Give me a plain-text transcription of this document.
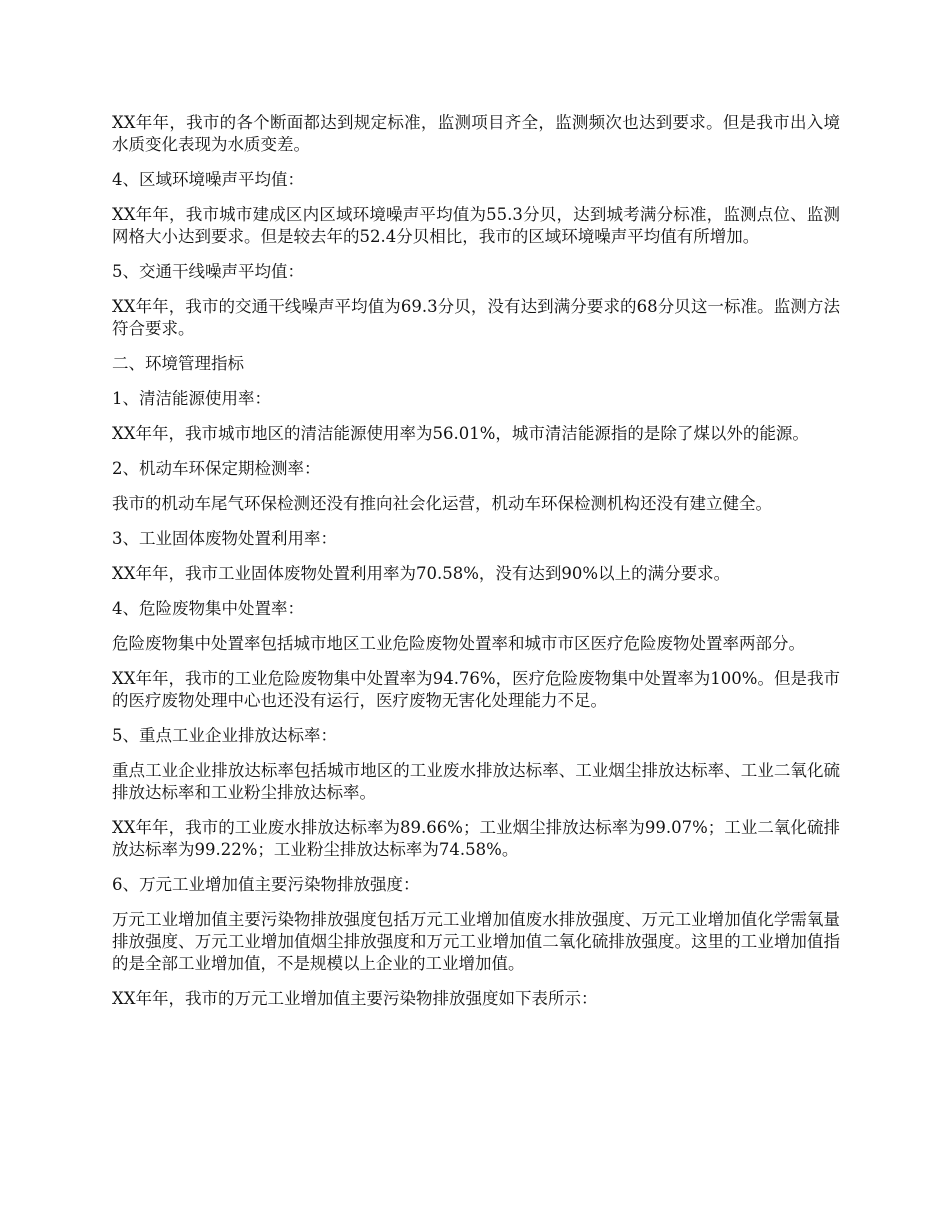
XX年年，我市的各个断面都达到规定标准，监测项目齐全，监测频次也达到要求。但是我市出入境水质变化表现为水质变差。

4、区域环境噪声平均值：

XX年年，我市城市建成区内区域环境噪声平均值为55.3分贝，达到城考满分标准，监测点位、监测网格大小达到要求。但是较去年的52.4分贝相比，我市的区域环境噪声平均值有所增加。

5、交通干线噪声平均值：

XX年年，我市的交通干线噪声平均值为69.3分贝，没有达到满分要求的68分贝这一标准。监测方法符合要求。

二、环境管理指标

1、清洁能源使用率：

XX年年，我市城市地区的清洁能源使用率为56.01%，城市清洁能源指的是除了煤以外的能源。

2、机动车环保定期检测率：

我市的机动车尾气环保检测还没有推向社会化运营，机动车环保检测机构还没有建立健全。

3、工业固体废物处置利用率：

XX年年，我市工业固体废物处置利用率为70.58%，没有达到90%以上的满分要求。

4、危险废物集中处置率：

危险废物集中处置率包括城市地区工业危险废物处置率和城市市区医疗危险废物处置率两部分。

XX年年，我市的工业危险废物集中处置率为94.76%，医疗危险废物集中处置率为100%。但是我市的医疗废物处理中心也还没有运行，医疗废物无害化处理能力不足。

5、重点工业企业排放达标率：

重点工业企业排放达标率包括城市地区的工业废水排放达标率、工业烟尘排放达标率、工业二氧化硫排放达标率和工业粉尘排放达标率。

XX年年，我市的工业废水排放达标率为89.66%；工业烟尘排放达标率为99.07%；工业二氧化硫排放达标率为99.22%；工业粉尘排放达标率为74.58%。

6、万元工业增加值主要污染物排放强度：

万元工业增加值主要污染物排放强度包括万元工业增加值废水排放强度、万元工业增加值化学需氧量排放强度、万元工业增加值烟尘排放强度和万元工业增加值二氧化硫排放强度。这里的工业增加值指的是全部工业增加值，不是规模以上企业的工业增加值。

XX年年，我市的万元工业增加值主要污染物排放强度如下表所示：
